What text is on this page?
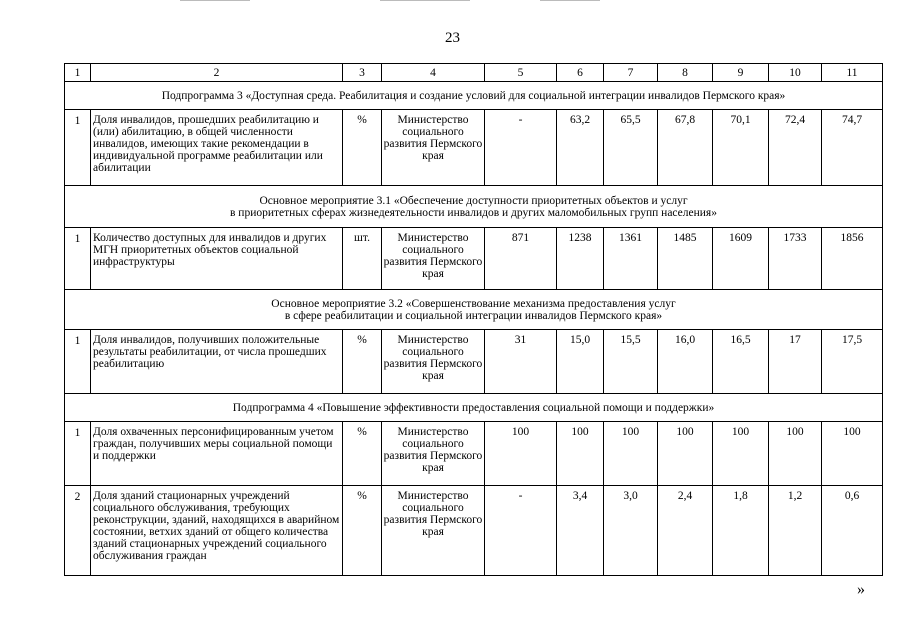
23
1	2	3	4	5	6	7	8	9	10	11
Подпрограмма 3 «Доступная среда. Реабилитация и создание условий для социальной интеграции инвалидов Пермского края»										
1	Доля инвалидов, прошедших реабилитацию и (или) абилитацию, в общей численности инвалидов, имеющих такие рекомендации в индивидуальной программе реабилитации или абилитации	%	Министерство социального развития Пермского края	-	63,2	65,5	67,8	70,1	72,4	74,7

Основное мероприятие 3.1 «Обеспечение доступности приоритетных объектов и услуг
в приоритетных сферах жизнедеятельности инвалидов и других маломобильных групп населения»										

1	Количество доступных для инвалидов и других МГН приоритетных объектов социальной инфраструктуры	шт.	Министерство социального развития Пермского края	871	1238	1361	1485	1609	1733	1856

Основное мероприятие 3.2 «Совершенствование механизма предоставления услуг
в сфере реабилитации и социальной интеграции инвалидов Пермского края»										

1	Доля инвалидов, получивших положительные результаты реабилитации, от числа прошедших реабилитацию	%	Министерство социального развития Пермского края	31	15,0	15,5	16,0	16,5	17	17,5
Подпрограмма 4 «Повышение эффективности предоставления социальной помощи и поддержки»										
1	Доля охваченных персонифицированным учетом граждан, получивших меры социальной помощи и поддержки	%	Министерство социального развития Пермского края	100	100	100	100	100	100	100
2	Доля зданий стационарных учреждений социального обслуживания, требующих реконструкции, зданий, находящихся в аварийном состоянии, ветхих зданий от общего количества зданий стационарных учреждений социального обслуживания граждан	%	Министерство социального развития Пермского края	-	3,4	3,0	2,4	1,8	1,2	0,6
»
